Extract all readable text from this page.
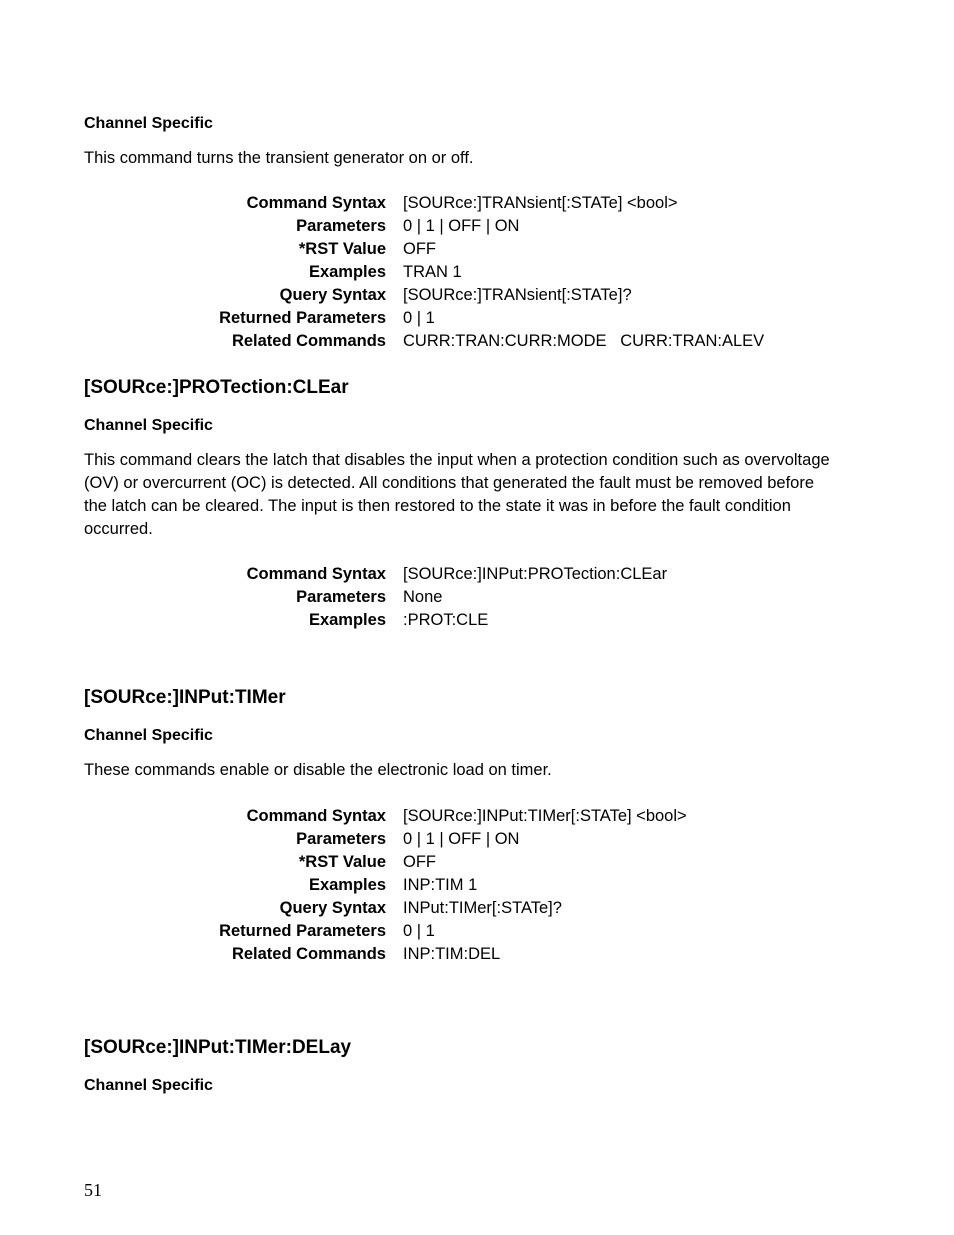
Channel Specific
This command turns the transient generator on or off.
Command Syntax	[SOURce:]TRANsient[:STATe] <bool>
Parameters	0 | 1 | OFF | ON
*RST Value	OFF
Examples	TRAN 1
Query Syntax	[SOURce:]TRANsient[:STATe]?
Returned Parameters	0 | 1
Related Commands	CURR:TRAN:CURR:MODE   CURR:TRAN:ALEV
[SOURce:]PROTection:CLEar
Channel Specific
This command clears the latch that disables the input when a protection condition such as overvoltage
(OV) or overcurrent (OC) is detected. All conditions that generated the fault must be removed before
the latch can be cleared. The input is then restored to the state it was in before the fault condition
occurred.
Command Syntax	[SOURce:]INPut:PROTection:CLEar
Parameters	None
Examples	:PROT:CLE
[SOURce:]INPut:TIMer
Channel Specific
These commands enable or disable the electronic load on timer.
Command Syntax	[SOURce:]INPut:TIMer[:STATe] <bool>
Parameters	0 | 1 | OFF | ON
*RST Value	OFF
Examples	INP:TIM 1
Query Syntax	INPut:TIMer[:STATe]?
Returned Parameters	0 | 1
Related Commands	INP:TIM:DEL
[SOURce:]INPut:TIMer:DELay
Channel Specific
51
